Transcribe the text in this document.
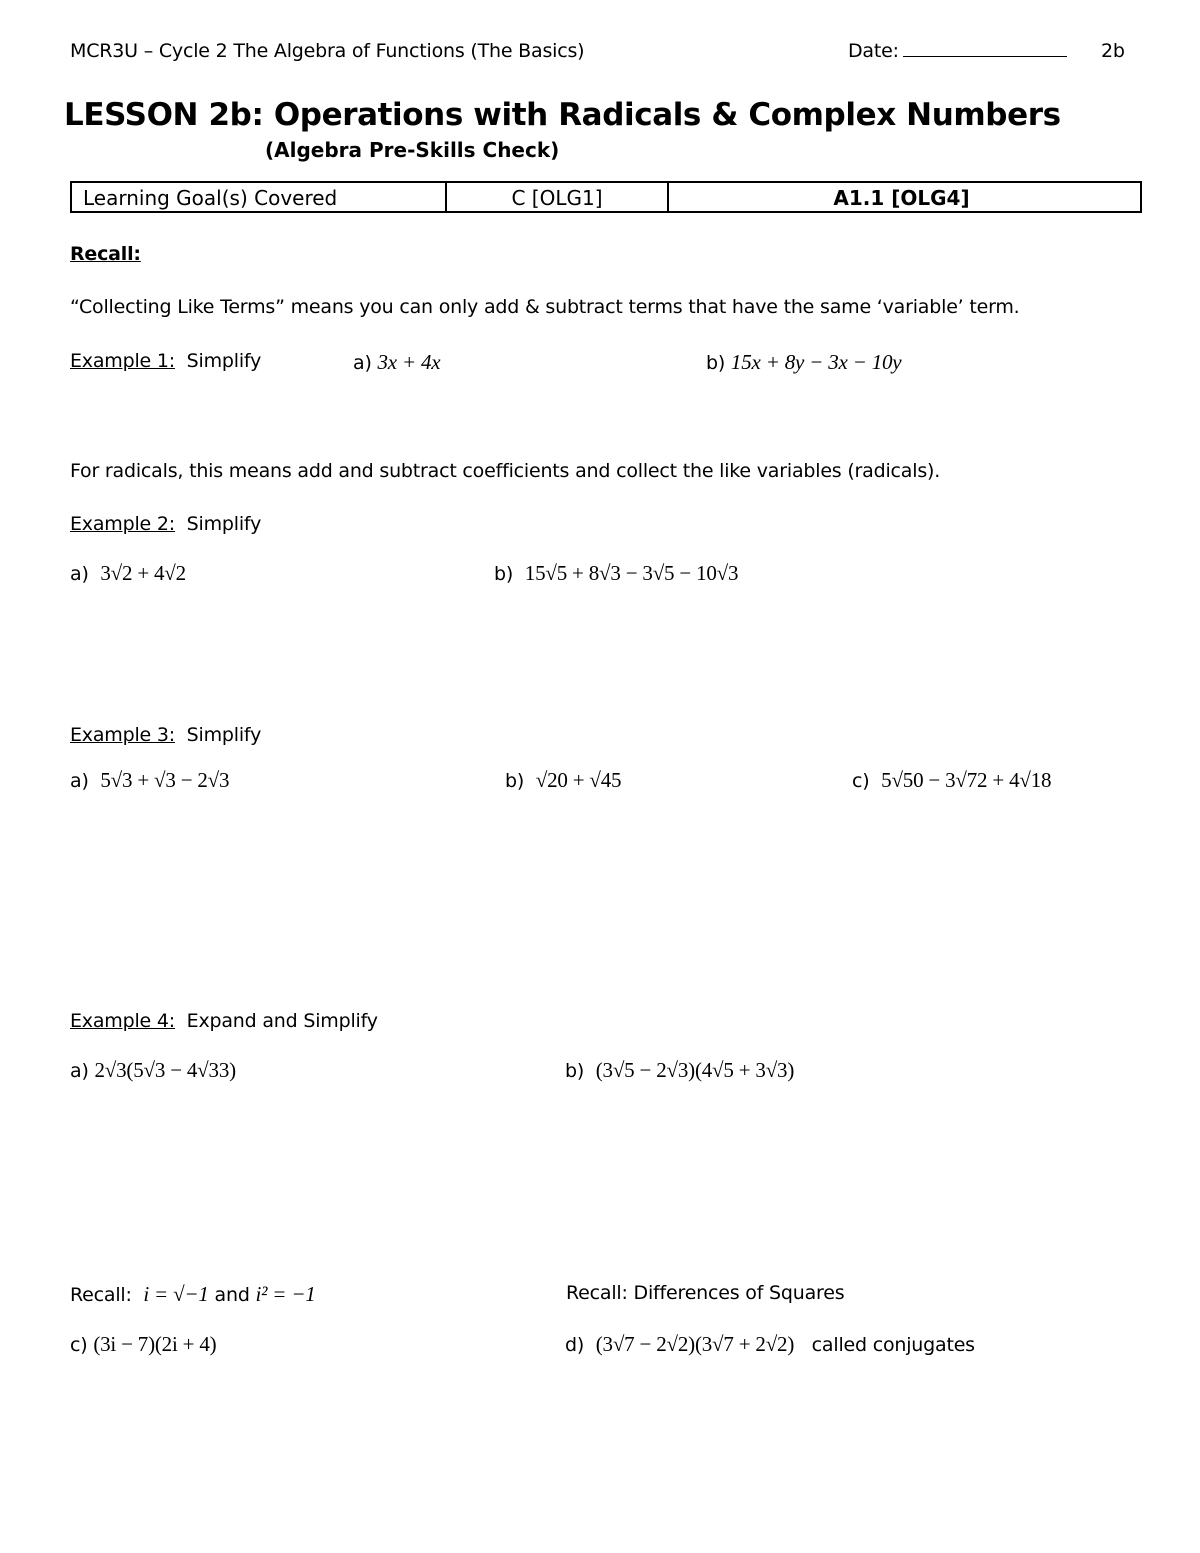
MCR3U – Cycle 2 The Algebra of Functions (The Basics)	Date:	2b
LESSON 2b: Operations with Radicals & Complex Numbers
(Algebra Pre-Skills Check)
Learning Goal(s) Covered	C [OLG1]	A1.1 [OLG4]
Recall:
“Collecting Like Terms” means you can only add & subtract terms that have the same ‘variable’ term.
Example 1: Simplify	a) 3x + 4x	b) 15x + 8y − 3x − 10y
For radicals, this means add and subtract coefficients and collect the like variables (radicals).
Example 2: Simplify
a) 3√2 + 4√2	b) 15√5 + 8√3 − 3√5 − 10√3
Example 3: Simplify
a) 5√3 + √3 − 2√3	b) √20 + √45	c) 5√50 − 3√72 + 4√18
Example 4: Expand and Simplify
a) 2√3(5√3 − 4√33)	b) (3√5 − 2√3)(4√5 + 3√3)
Recall: i = √−1 and i² = −1	Recall: Differences of Squares
c) (3i − 7)(2i + 4)	d) (3√7 − 2√2)(3√7 + 2√2) called conjugates
